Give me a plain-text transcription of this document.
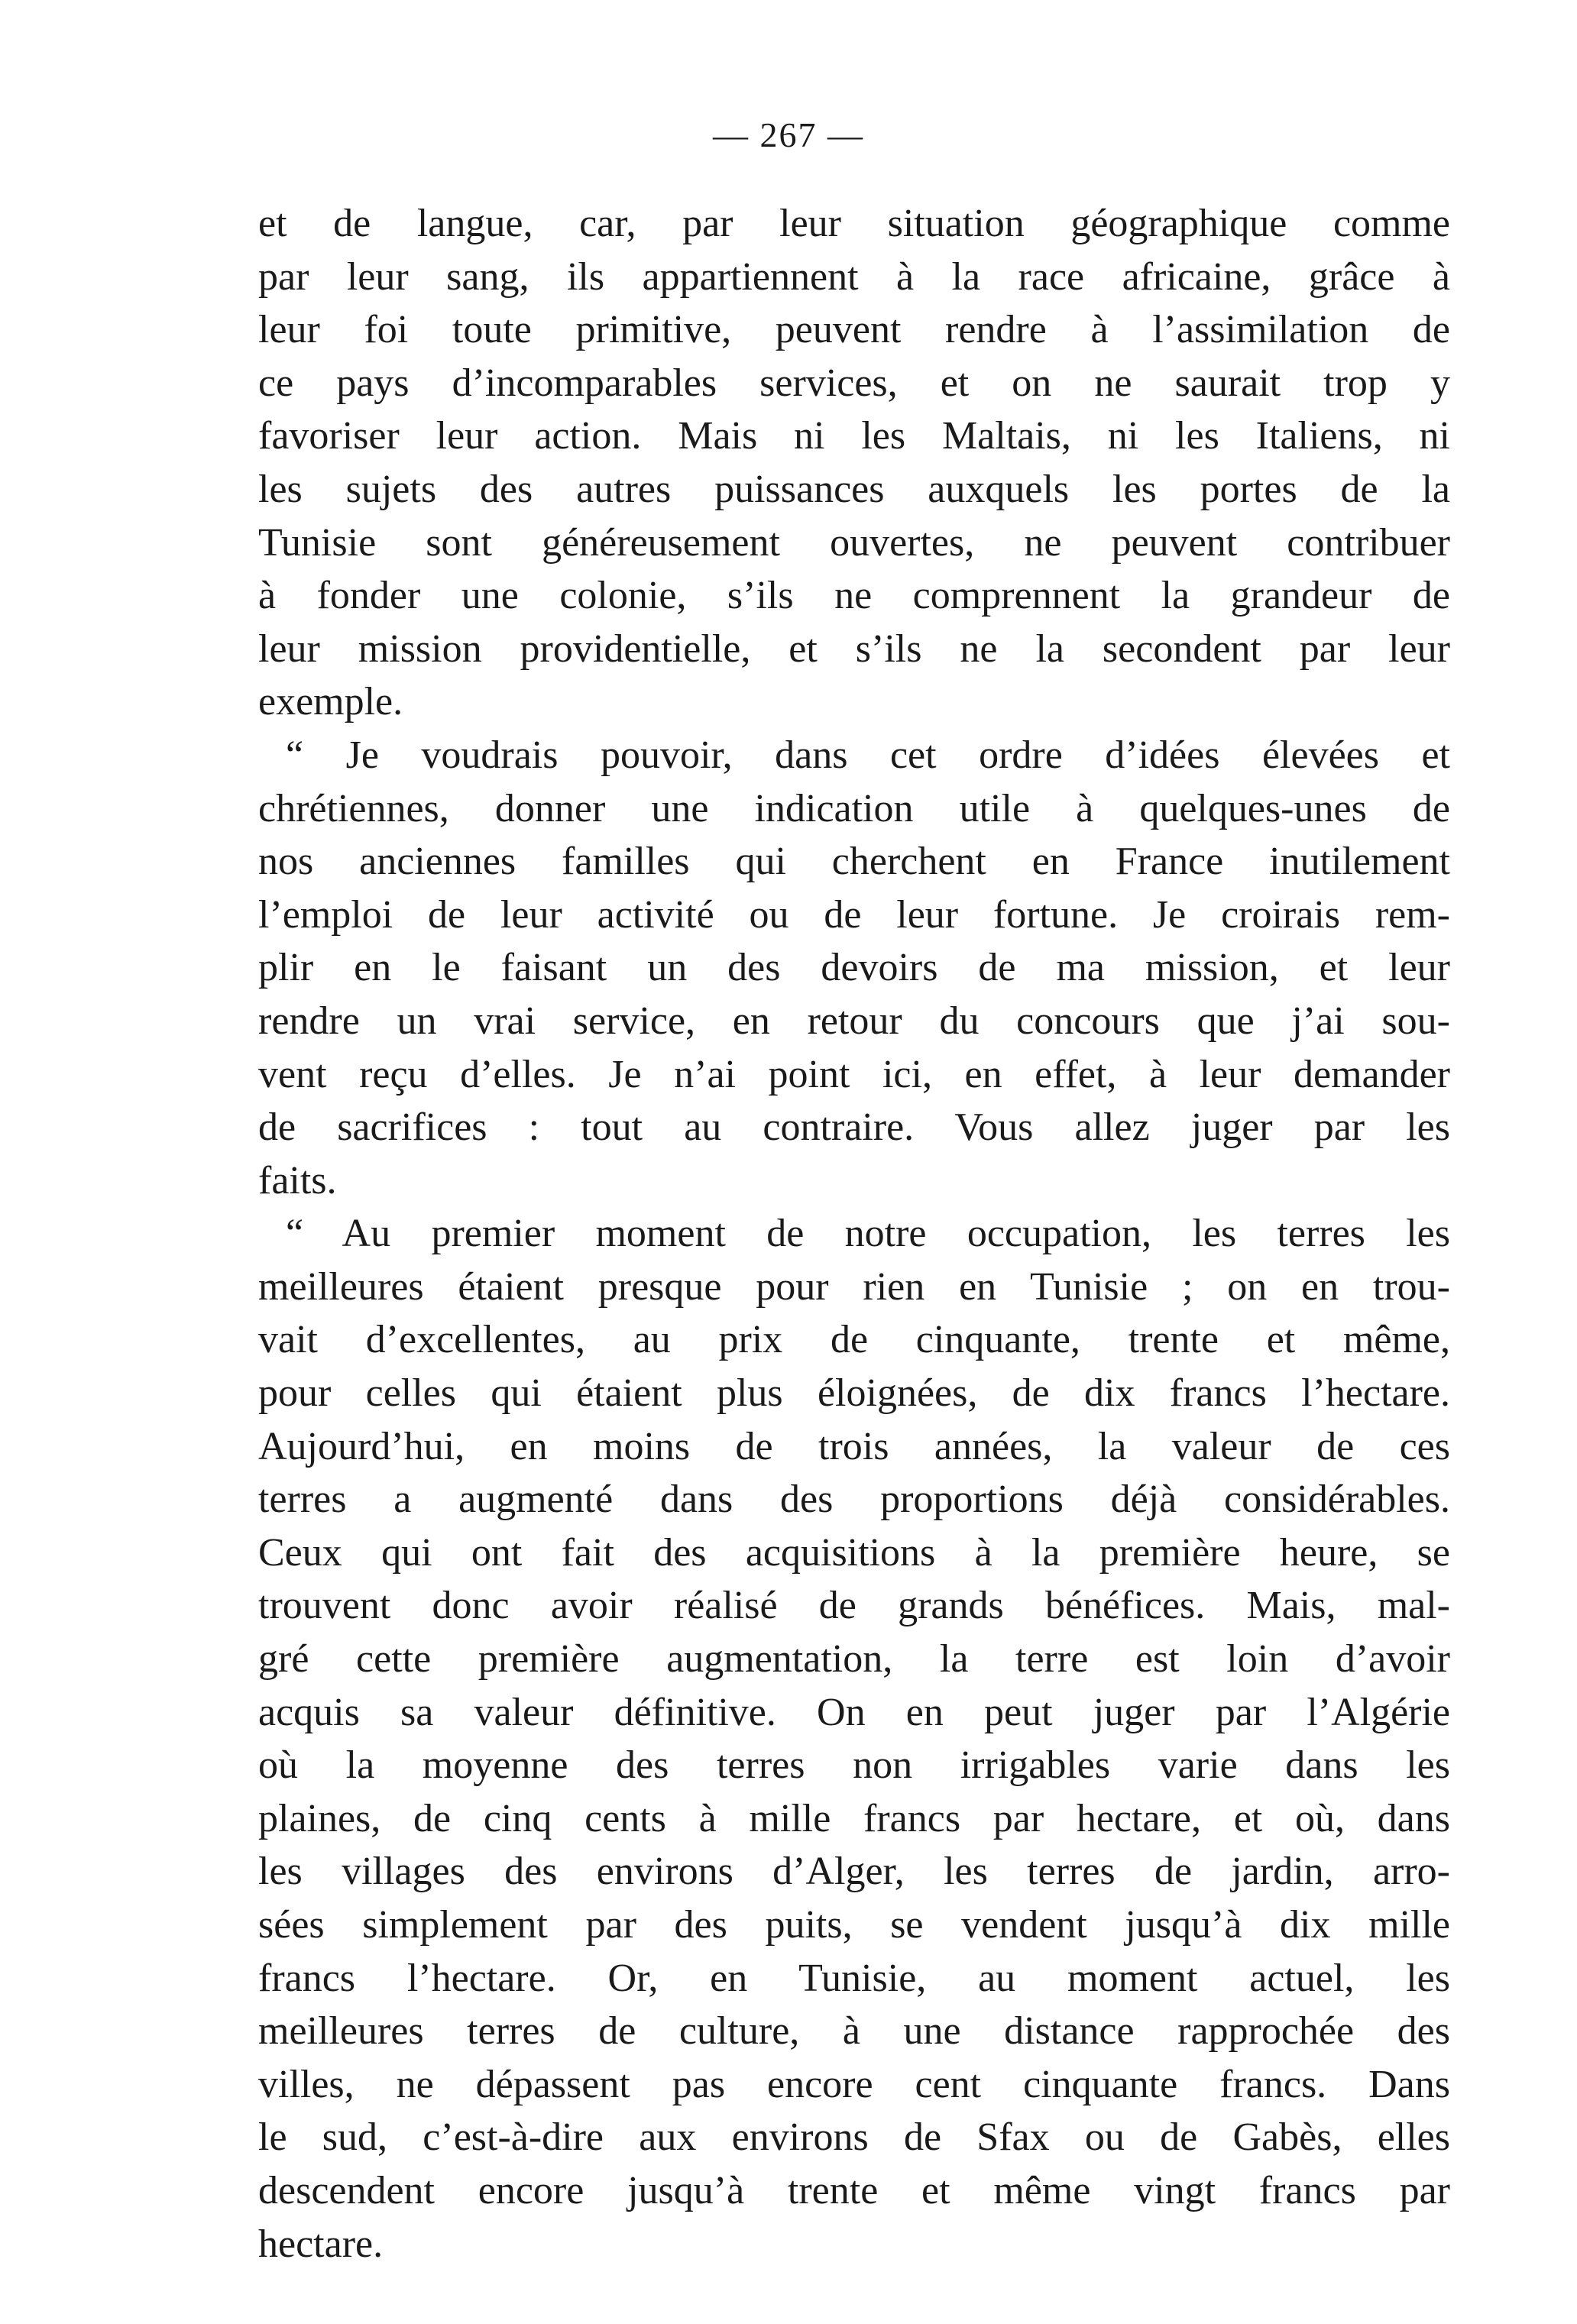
— 267 —
et de langue, car, par leur situation géographique comme
par leur sang, ils appartiennent à la race africaine, grâce à
leur foi toute primitive, peuvent rendre à l’assimilation de
ce pays d’incomparables services, et on ne saurait trop y
favoriser leur action. Mais ni les Maltais, ni les Italiens, ni
les sujets des autres puissances auxquels les portes de la
Tunisie sont généreusement ouvertes, ne peuvent contribuer
à fonder une colonie, s’ils ne comprennent la grandeur de
leur mission providentielle, et s’ils ne la secondent par leur
exemple.
“ Je voudrais pouvoir, dans cet ordre d’idées élevées et
chrétiennes, donner une indication utile à quelques-unes de
nos anciennes familles qui cherchent en France inutilement
l’emploi de leur activité ou de leur fortune. Je croirais rem-
plir en le faisant un des devoirs de ma mission, et leur
rendre un vrai service, en retour du concours que j’ai sou-
vent reçu d’elles. Je n’ai point ici, en effet, à leur demander
de sacrifices : tout au contraire. Vous allez juger par les
faits.
“ Au premier moment de notre occupation, les terres les
meilleures étaient presque pour rien en Tunisie ; on en trou-
vait d’excellentes, au prix de cinquante, trente et même,
pour celles qui étaient plus éloignées, de dix francs l’hectare.
Aujourd’hui, en moins de trois années, la valeur de ces
terres a augmenté dans des proportions déjà considérables.
Ceux qui ont fait des acquisitions à la première heure, se
trouvent donc avoir réalisé de grands bénéfices. Mais, mal-
gré cette première augmentation, la terre est loin d’avoir
acquis sa valeur définitive. On en peut juger par l’Algérie
où la moyenne des terres non irrigables varie dans les
plaines, de cinq cents à mille francs par hectare, et où, dans
les villages des environs d’Alger, les terres de jardin, arro-
sées simplement par des puits, se vendent jusqu’à dix mille
francs l’hectare. Or, en Tunisie, au moment actuel, les
meilleures terres de culture, à une distance rapprochée des
villes, ne dépassent pas encore cent cinquante francs. Dans
le sud, c’est-à-dire aux environs de Sfax ou de Gabès, elles
descendent encore jusqu’à trente et même vingt francs par
hectare.
